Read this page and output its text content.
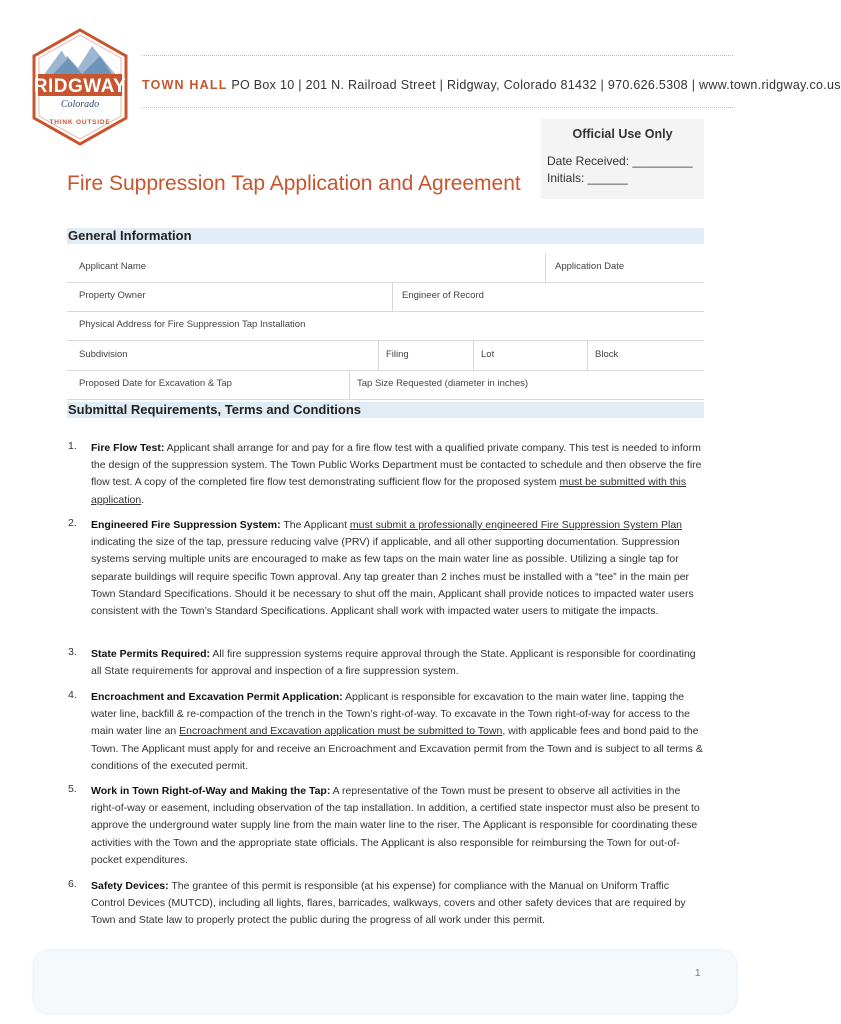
RIDGWAY
Colorado
THINK OUTSIDE
TOWN HALL PO Box 10 | 201 N. Railroad Street | Ridgway, Colorado 81432 | 970.626.5308 | www.town.ridgway.co.us
Official Use Only
Date Received: _________
Initials: ______
Fire Suppression Tap Application and Agreement
General Information
Applicant Name	Application Date
Property Owner	Engineer of Record
Physical Address for Fire Suppression Tap Installation
Subdivision	Filing	Lot	Block
Proposed Date for Excavation & Tap	Tap Size Requested (diameter in inches)
Submittal Requirements, Terms and Conditions
1. Fire Flow Test: Applicant shall arrange for and pay for a fire flow test with a qualified private company. This test is needed to inform the design of the suppression system. The Town Public Works Department must be contacted to schedule and then observe the fire flow test. A copy of the completed fire flow test demonstrating sufficient flow for the proposed system must be submitted with this application.
2. Engineered Fire Suppression System: The Applicant must submit a professionally engineered Fire Suppression System Plan indicating the size of the tap, pressure reducing valve (PRV) if applicable, and all other supporting documentation. Suppression systems serving multiple units are encouraged to make as few taps on the main water line as possible. Utilizing a single tap for separate buildings will require specific Town approval. Any tap greater than 2 inches must be installed with a “tee” in the main per Town Standard Specifications. Should it be necessary to shut off the main, Applicant shall provide notices to impacted water users consistent with the Town’s Standard Specifications. Applicant shall work with impacted water users to mitigate the impacts.
3. State Permits Required: All fire suppression systems require approval through the State. Applicant is responsible for coordinating all State requirements for approval and inspection of a fire suppression system.
4. Encroachment and Excavation Permit Application: Applicant is responsible for excavation to the main water line, tapping the water line, backfill & re-compaction of the trench in the Town’s right-of-way. To excavate in the Town right-of-way for access to the main water line an Encroachment and Excavation application must be submitted to Town, with applicable fees and bond paid to the Town. The Applicant must apply for and receive an Encroachment and Excavation permit from the Town and is subject to all terms & conditions of the executed permit.
5. Work in Town Right-of-Way and Making the Tap: A representative of the Town must be present to observe all activities in the right-of-way or easement, including observation of the tap installation. In addition, a certified state inspector must also be present to approve the underground water supply line from the main water line to the riser. The Applicant is responsible for coordinating these activities with the Town and the appropriate state officials. The Applicant is also responsible for reimbursing the Town for out-of-pocket expenditures.
6. Safety Devices: The grantee of this permit is responsible (at his expense) for compliance with the Manual on Uniform Traffic Control Devices (MUTCD), including all lights, flares, barricades, walkways, covers and other safety devices that are required by Town and State law to properly protect the public during the progress of all work under this permit.
1
